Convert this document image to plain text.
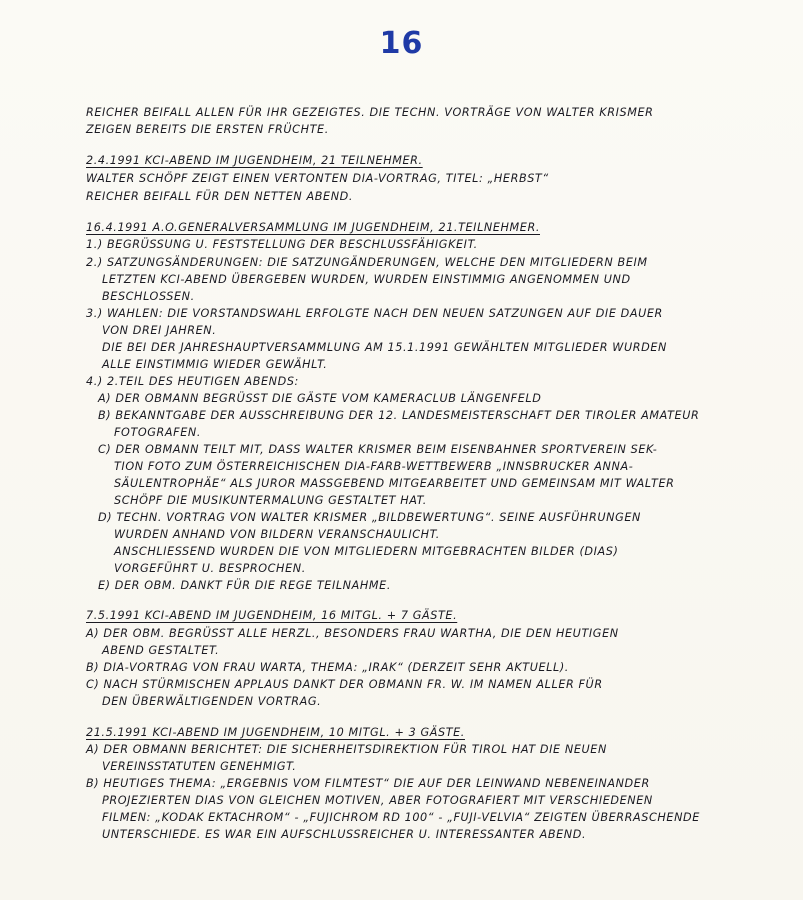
16
REICHER BEIFALL ALLEN FÜR IHR GEZEIGTES. DIE TECHN. VORTRÄGE VON WALTER KRISMER
ZEIGEN BEREITS DIE ERSTEN FRÜCHTE.
2.4.1991 KCI-ABEND IM JUGENDHEIM, 21 TEILNEHMER.
WALTER SCHÖPF ZEIGT EINEN VERTONTEN DIA-VORTRAG, TITEL: „HERBST“
REICHER BEIFALL FÜR DEN NETTEN ABEND.
16.4.1991 A.O.GENERALVERSAMMLUNG IM JUGENDHEIM, 21.TEILNEHMER.
1.) BEGRÜSSUNG U. FESTSTELLUNG DER BESCHLUSSFÄHIGKEIT.
2.) SATZUNGSÄNDERUNGEN: DIE SATZUNGÄNDERUNGEN, WELCHE DEN MITGLIEDERN BEIM
LETZTEN KCI-ABEND ÜBERGEBEN WURDEN, WURDEN EINSTIMMIG ANGENOMMEN UND
BESCHLOSSEN.
3.) WAHLEN: DIE VORSTANDSWAHL ERFOLGTE NACH DEN NEUEN SATZUNGEN AUF DIE DAUER
VON DREI JAHREN.
DIE BEI DER JAHRESHAUPTVERSAMMLUNG AM 15.1.1991 GEWÄHLTEN MITGLIEDER WURDEN
ALLE EINSTIMMIG WIEDER GEWÄHLT.
4.) 2.TEIL DES HEUTIGEN ABENDS:
A) DER OBMANN BEGRÜSST DIE GÄSTE VOM KAMERACLUB LÄNGENFELD
B) BEKANNTGABE DER AUSSCHREIBUNG DER 12. LANDESMEISTERSCHAFT DER TIROLER AMATEUR
FOTOGRAFEN.
C) DER OBMANN TEILT MIT, DASS WALTER KRISMER BEIM EISENBAHNER SPORTVEREIN SEK-
TION FOTO ZUM ÖSTERREICHISCHEN DIA-FARB-WETTBEWERB „INNSBRUCKER ANNA-
SÄULENTROPHÄE“ ALS JUROR MASSGEBEND MITGEARBEITET UND GEMEINSAM MIT WALTER
SCHÖPF DIE MUSIKUNTERMALUNG GESTALTET HAT.
D) TECHN. VORTRAG VON WALTER KRISMER „BILDBEWERTUNG“. SEINE AUSFÜHRUNGEN
WURDEN ANHAND VON BILDERN VERANSCHAULICHT.
ANSCHLIESSEND WURDEN DIE VON MITGLIEDERN MITGEBRACHTEN BILDER (DIAS)
VORGEFÜHRT U. BESPROCHEN.
E) DER OBM. DANKT FÜR DIE REGE TEILNAHME.
7.5.1991 KCI-ABEND IM JUGENDHEIM, 16 MITGL. + 7 GÄSTE.
A) DER OBM. BEGRÜSST ALLE HERZL., BESONDERS FRAU WARTHA, DIE DEN HEUTIGEN
ABEND GESTALTET.
B) DIA-VORTRAG VON FRAU WARTA, THEMA: „IRAK“ (DERZEIT SEHR AKTUELL).
C) NACH STÜRMISCHEN APPLAUS DANKT DER OBMANN FR. W. IM NAMEN ALLER FÜR
DEN ÜBERWÄLTIGENDEN VORTRAG.
21.5.1991 KCI-ABEND IM JUGENDHEIM, 10 MITGL. + 3 GÄSTE.
A) DER OBMANN BERICHTET: DIE SICHERHEITSDIREKTION FÜR TIROL HAT DIE NEUEN
VEREINSSTATUTEN GENEHMIGT.
B) HEUTIGES THEMA: „ERGEBNIS VOM FILMTEST“ DIE AUF DER LEINWAND NEBENEINANDER
PROJEZIERTEN DIAS VON GLEICHEN MOTIVEN, ABER FOTOGRAFIERT MIT VERSCHIEDENEN
FILMEN: „KODAK EKTACHROM“ - „FUJICHROM RD 100“ - „FUJI-VELVIA“ ZEIGTEN ÜBERRASCHENDE
UNTERSCHIEDE. ES WAR EIN AUFSCHLUSSREICHER U. INTERESSANTER ABEND.
